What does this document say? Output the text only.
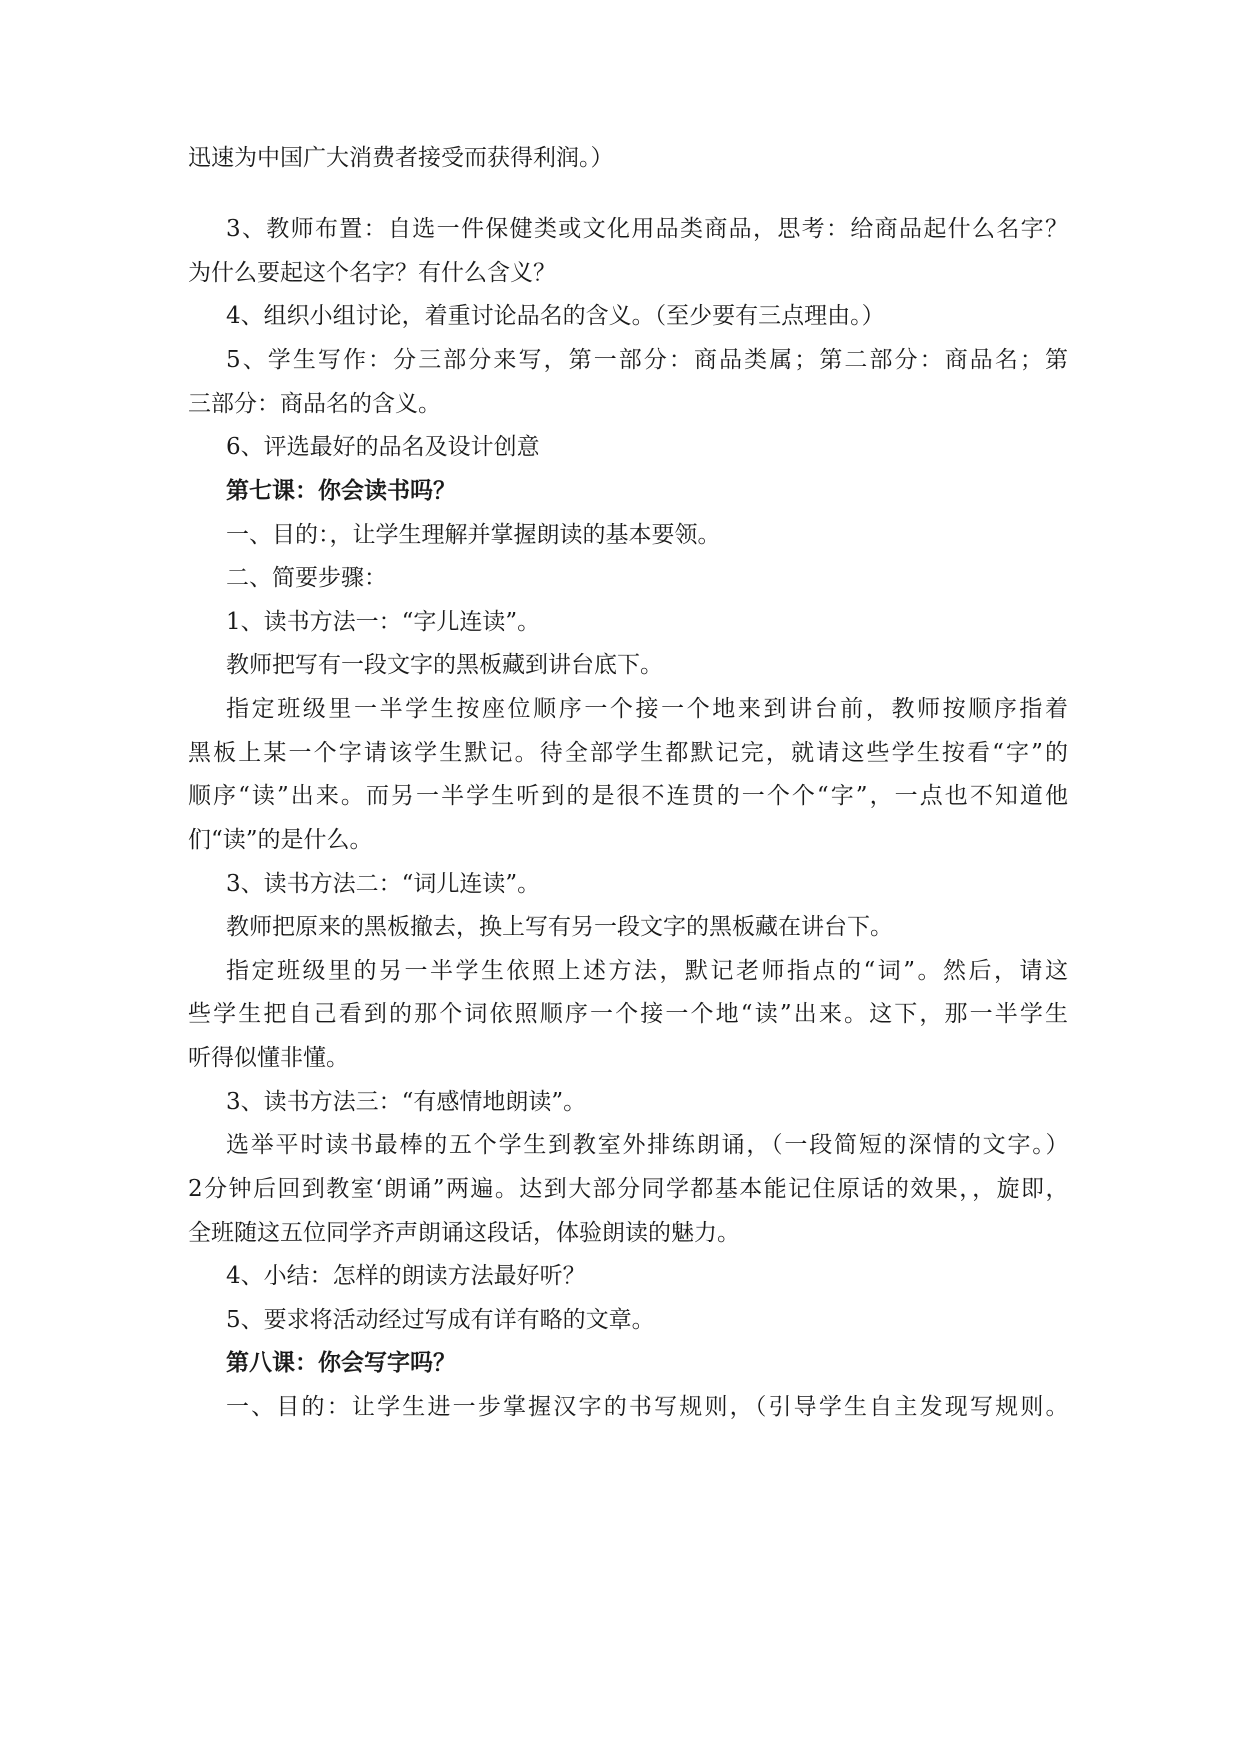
迅速为中国广大消费者接受而获得利润。）
3、教师布置：自选一件保健类或文化用品类商品，思考：给商品起什么名字？
为什么要起这个名字？有什么含义？
4、组织小组讨论，着重讨论品名的含义。（至少要有三点理由。）
5、学生写作：分三部分来写，第一部分：商品类属；第二部分：商品名；第
三部分：商品名的含义。
6、评选最好的品名及设计创意
第七课：你会读书吗？
一、目的：，让学生理解并掌握朗读的基本要领。
二、简要步骤：
1、读书方法一：“字儿连读”。
教师把写有一段文字的黑板藏到讲台底下。
指定班级里一半学生按座位顺序一个接一个地来到讲台前，教师按顺序指着
黑板上某一个字请该学生默记。待全部学生都默记完，就请这些学生按看“字”的
顺序“读”出来。而另一半学生听到的是很不连贯的一个个“字”，一点也不知道他
们“读”的是什么。
3、读书方法二：“词儿连读”。
教师把原来的黑板撤去，换上写有另一段文字的黑板藏在讲台下。
指定班级里的另一半学生依照上述方法，默记老师指点的“词”。然后，请这
些学生把自己看到的那个词依照顺序一个接一个地“读”出来。这下，那一半学生
听得似懂非懂。
3、读书方法三：“有感情地朗读”。
选举平时读书最棒的五个学生到教室外排练朗诵，（一段简短的深情的文字。）
2分钟后回到教室‘朗诵”两遍。达到大部分同学都基本能记住原话的效果，，旋即，
全班随这五位同学齐声朗诵这段话，体验朗读的魅力。
4、小结：怎样的朗读方法最好听？
5、要求将活动经过写成有详有略的文章。
第八课：你会写字吗？
一、目的：让学生进一步掌握汉字的书写规则，（引导学生自主发现写规则。
